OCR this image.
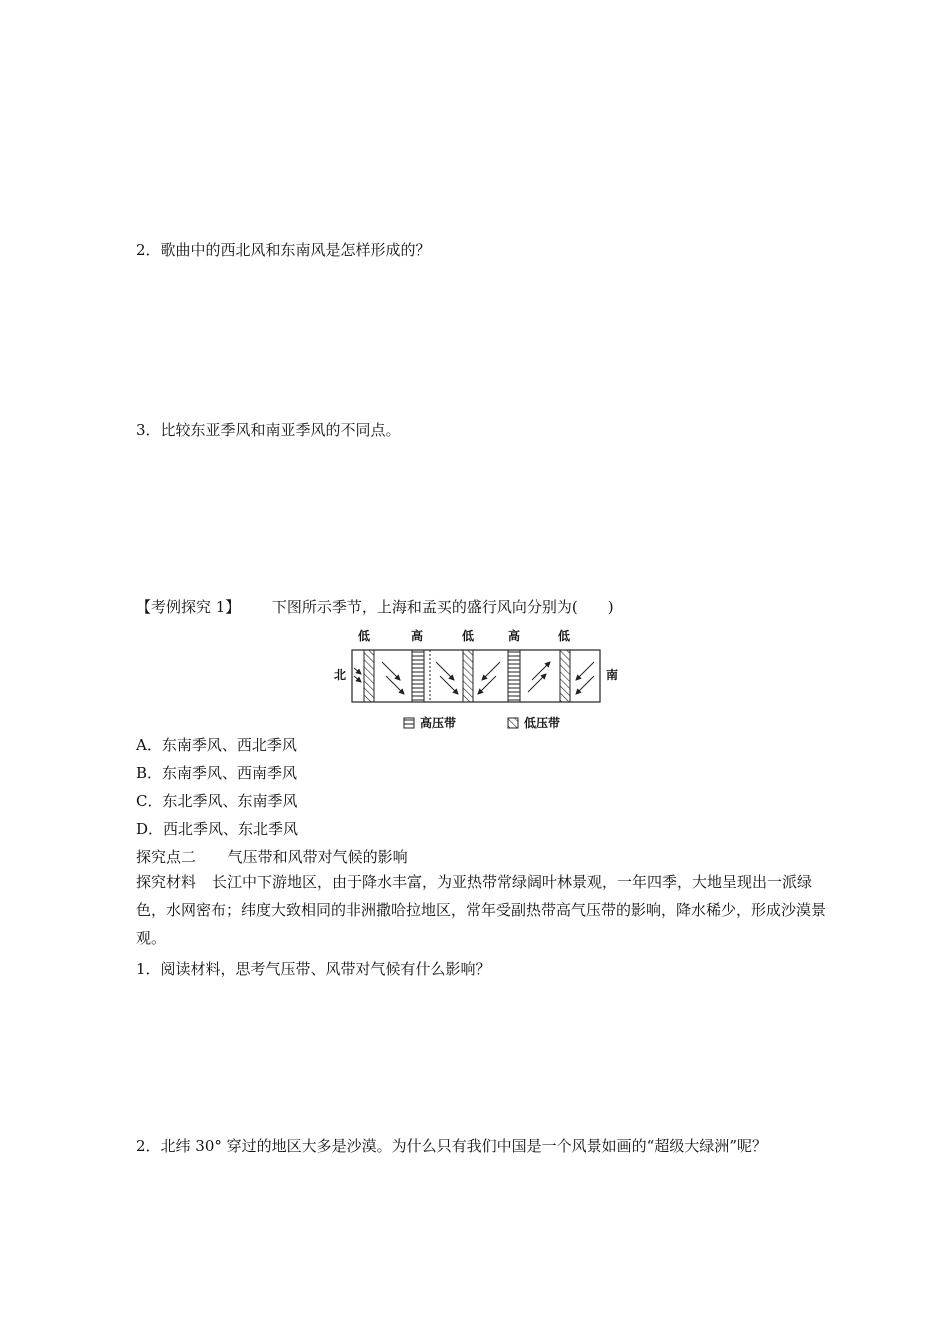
2．歌曲中的西北风和东南风是怎样形成的？
3．比较东亚季风和南亚季风的不同点。
【考例探究 1】 下图所示季节，上海和孟买的盛行风向分别为(　　)
低	高	低	高	低
北	南
高压带	低压带
A．东南季风、西北季风
B．东南季风、西南季风
C．东北季风、东南季风
D．西北季风、东北季风
探究点二 气压带和风带对气候的影响
探究材料 长江中下游地区，由于降水丰富，为亚热带常绿阔叶林景观，一年四季，大地呈现出一派绿色，水网密布；纬度大致相同的非洲撒哈拉地区，常年受副热带高气压带的影响，降水稀少，形成沙漠景观。
1．阅读材料，思考气压带、风带对气候有什么影响？
2．北纬 30° 穿过的地区大多是沙漠。为什么只有我们中国是一个风景如画的“超级大绿洲”呢？
